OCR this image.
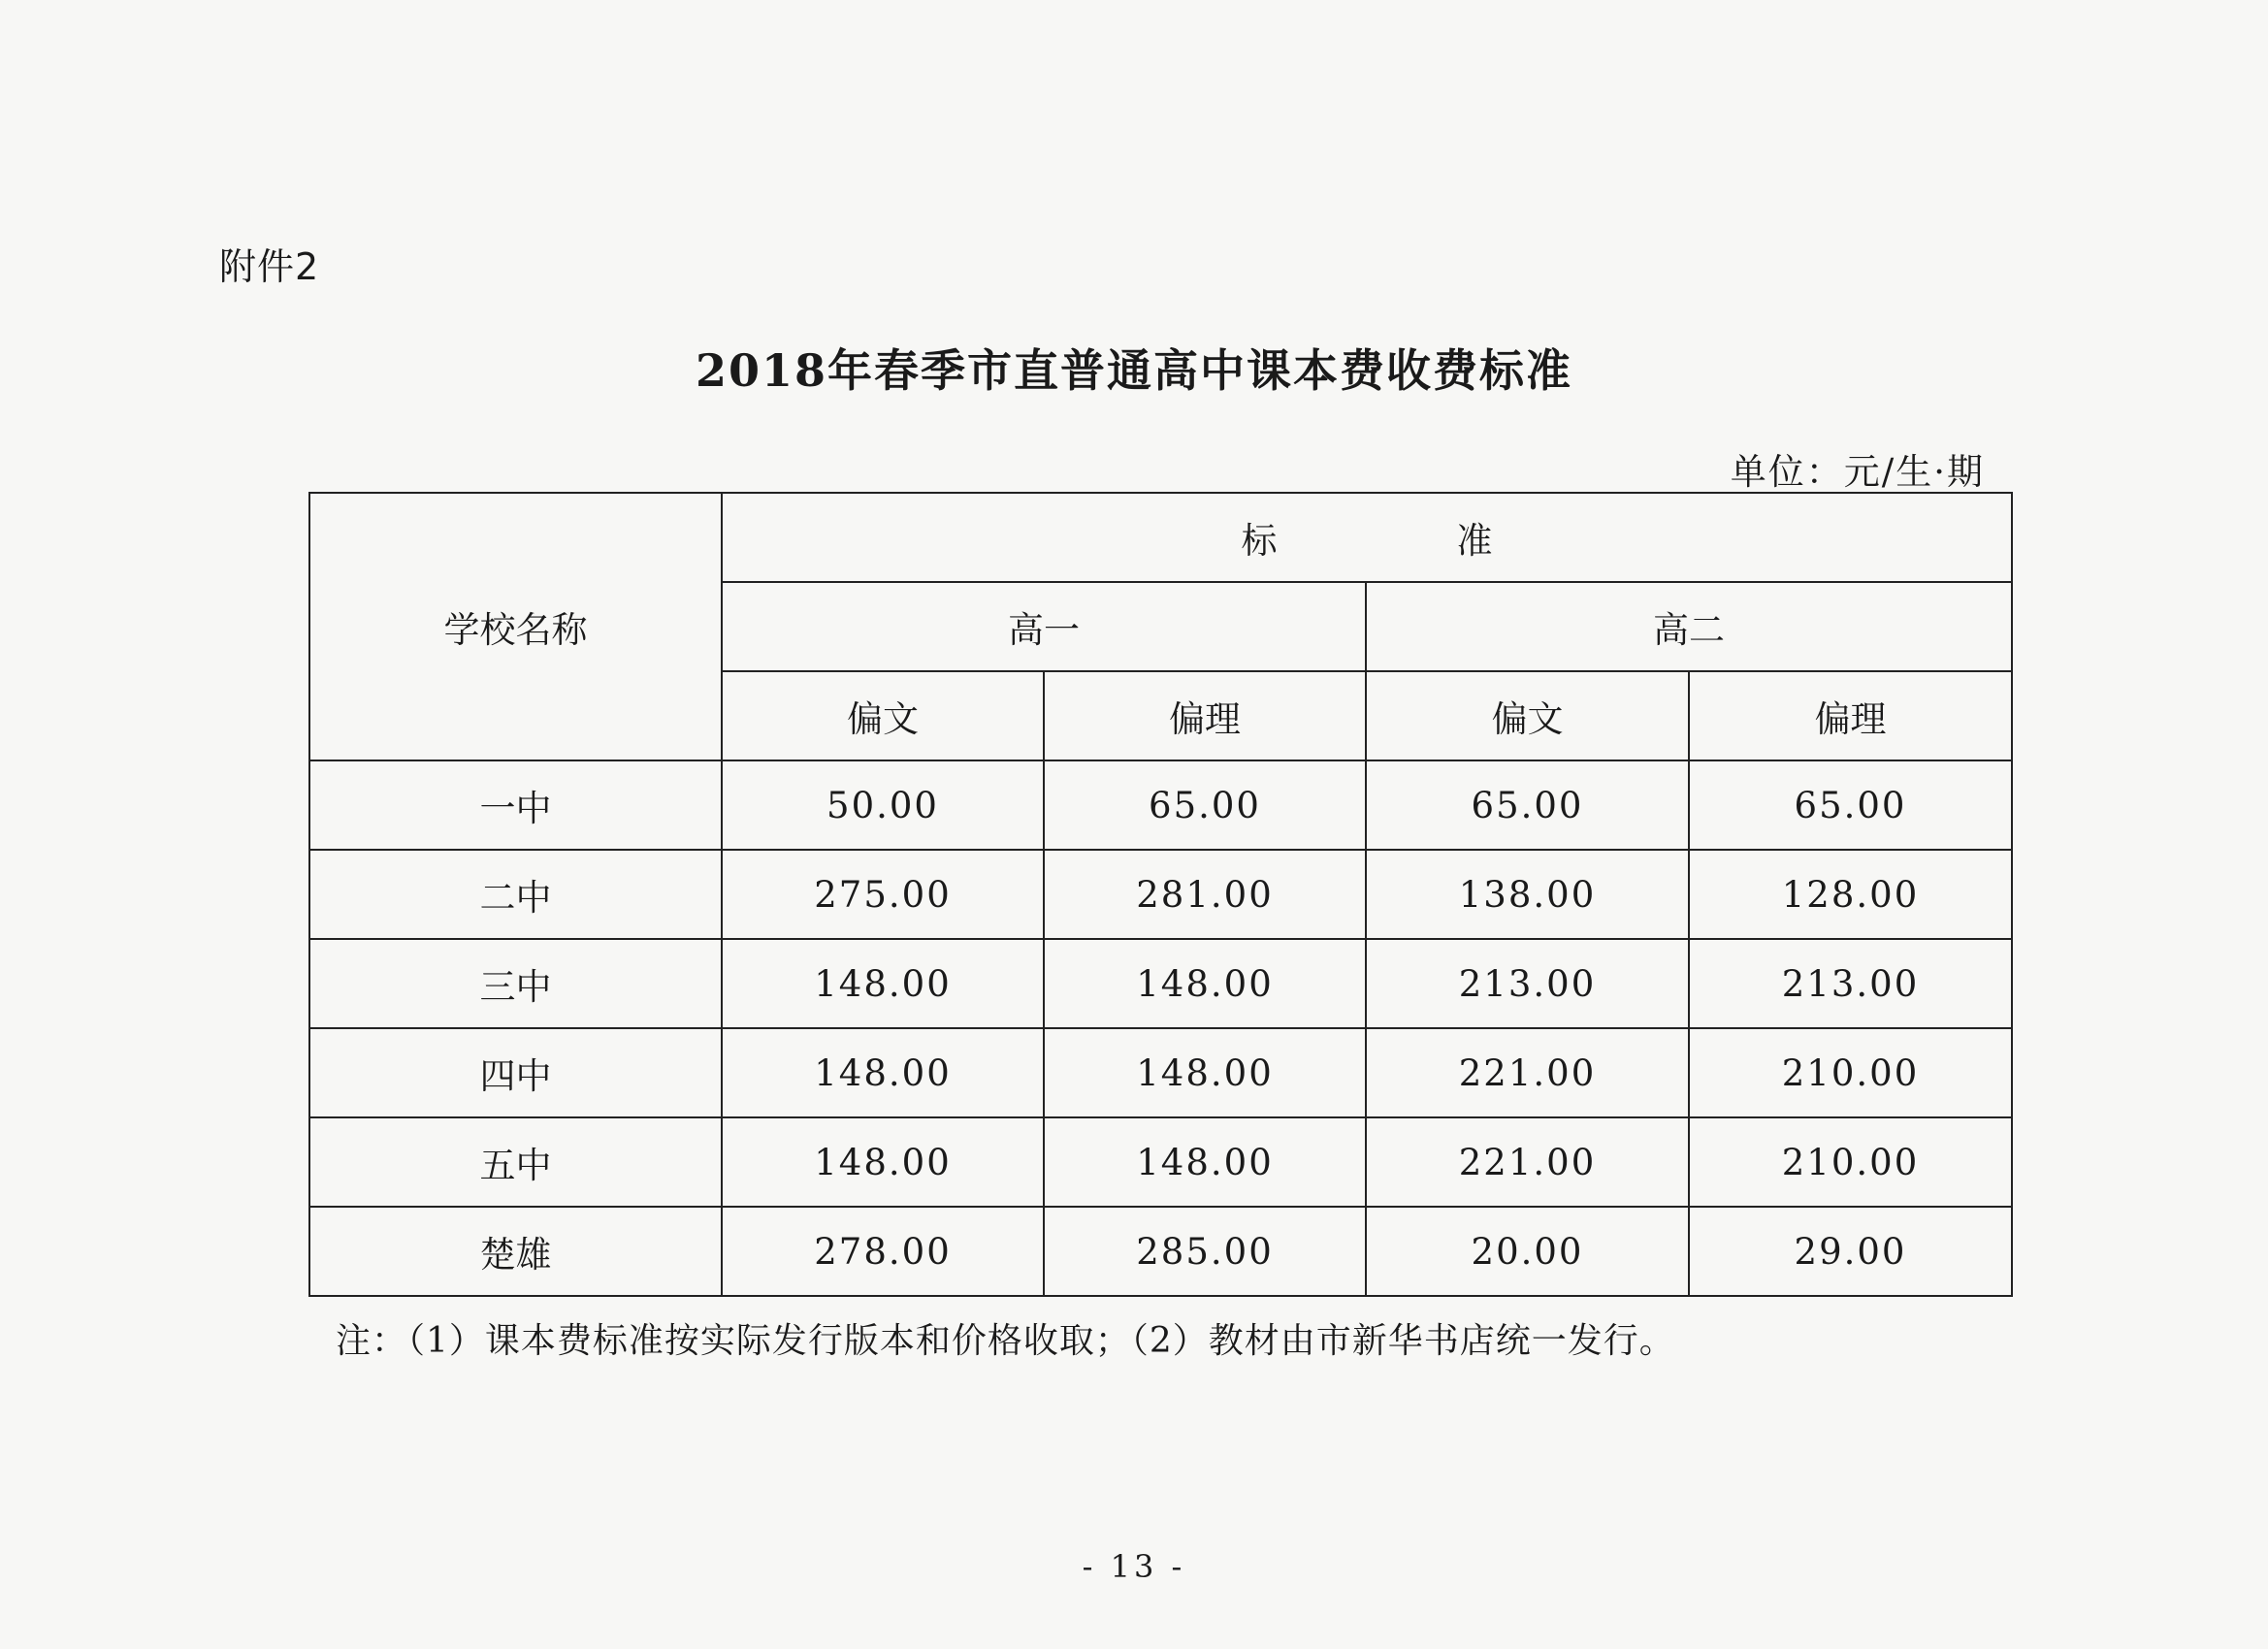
附件2
2018年春季市直普通高中课本费收费标准
单位：元/生·期
学校名称	标　　　　　准			
	高一		高二	
	偏文	偏理	偏文	偏理
一中	50.00	65.00	65.00	65.00
二中	275.00	281.00	138.00	128.00
三中	148.00	148.00	213.00	213.00
四中	148.00	148.00	221.00	210.00
五中	148.00	148.00	221.00	210.00
楚雄	278.00	285.00	20.00	29.00
注：（1）课本费标准按实际发行版本和价格收取；（2）教材由市新华书店统一发行。
- 13 -
